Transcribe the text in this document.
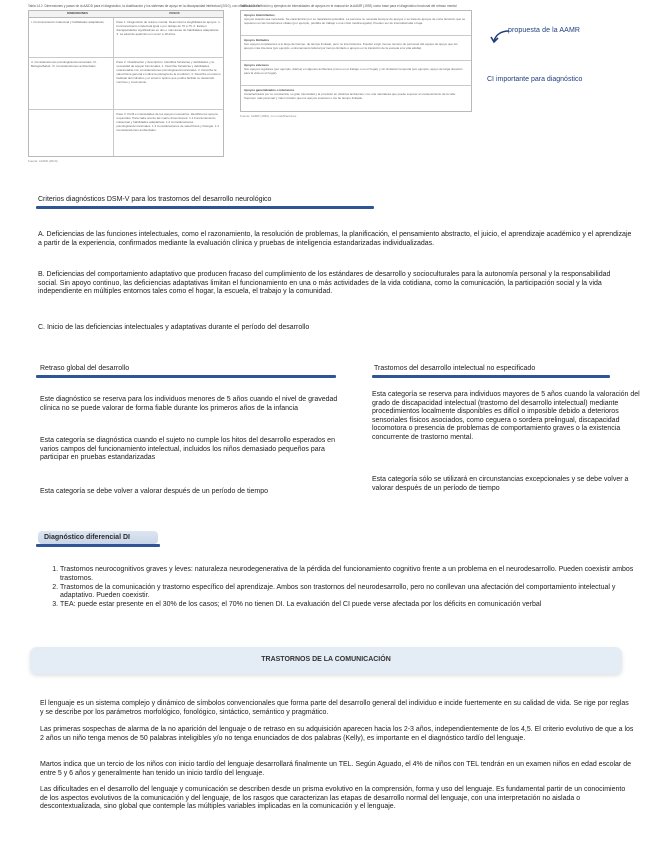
Tabla 14.2. Dimensiones y pasos de la AAIDD para el diagnóstico, la clasificación y los sistemas de apoyo en la discapacidad intelectual (2010), con modificaciones
DIMENSIONES	PASOS
I. Funcionamiento intelectual y habilidades adaptativas	Paso 1. Diagnóstico de retraso mental. Determina la elegibilidad de apoyos. 1. Funcionamiento intelectual igual o por debajo de 70 a 75. 2. Existen discapacidades significativas en dos o más áreas de habilidades adaptativas. 3. La edad de aparición es menor a 18 años.
II. Consideraciones psicológicas/emocionales. III. Biología/Salud. IV. Consideraciones ambientales
Paso 2. Clasificación y descripción. Identifica fortalezas y debilidades y la necesidad de apoyar funcionales. 1. Describe fortalezas y debilidades relacionadas con consideraciones psicológicas/emocionales. 2. Describe la salud física general e indica la etiología de la condición. 3. Describe el entorno habitual del individuo y el entorno óptimo que podría facilitar su desarrollo continuo y crecimiento.
Paso 3. Perfil e intensidades de los apoyos necesarios. Identifica los apoyos requeridos. Para cada una de las cuatro dimensiones: 1.1 Funcionamiento intelectual y habilidades adaptativas. 1.2 Consideraciones psicológicas/emocionales. 1.3 Consideraciones de salud física y biología. 1.4 Consideraciones ambientales.
Fuente: AAIDD (2010).
Tabla 14.3. Definición y ejemplos de intensidades de apoyos en el manual de la AAMR (1992) como base para el diagnóstico funcional del retraso mental
Apoyos intermitentes
Apoyos cuando sea necesario. Se caracterizan por su naturaleza episódica. La persona no necesita siempre de apoyos o se trata de apoyos de corta duración que se requieren en las transiciones vitales (por ejemplo, pérdida de trabajo o una crisis médica aguda). Pueden ser de intensidad alta o baja.
Apoyos limitados
Son apoyos consistentes a lo largo del tiempo, de tiempo limitado, pero no intermitentes. Pueden exigir menos número de personas del equipo de apoyo que los apoyos más intensos (por ejemplo, entrenamiento laboral por tiempo limitado o apoyos en la transición de la escuela a la vida adulta).
Apoyos extensos
Son apoyos regulares (por ejemplo, diarios) en algunos ambientes (como en el trabajo o en el hogar) y sin limitación temporal (por ejemplo, apoyo de larga duración para la vida en el hogar).
Apoyos generalizados o intensivos
Caracterizados por su constancia, su gran intensidad y la provisión en distintos ambientes; con una naturaleza que puede suponer el mantenimiento de la vida. Suponen más personal y más intrusión que los apoyos extensos o los de tiempo limitado.
Fuente: AAMR (1992), con modificaciones.
propuesta de la AAMR
CI importante para diagnóstico
Criterios diagnósticos DSM-V para los trastornos del desarrollo neurológico
A. Deficiencias de las funciones intelectuales, como el razonamiento, la resolución de problemas, la planificación, el pensamiento abstracto, el juicio, el aprendizaje académico y el aprendizaje a partir de la experiencia, confirmados mediante la evaluación clínica y pruebas de inteligencia estandarizadas individualizadas.
B. Deficiencias del comportamiento adaptativo que producen fracaso del cumplimiento de los estándares de desarrollo y socioculturales para la autonomía personal y la responsabilidad social. Sin apoyo continuo, las deficiencias adaptativas limitan el funcionamiento en una o más actividades de la vida cotidiana, como la comunicación, la participación social y la vida independiente en múltiples entornos tales como el hogar, la escuela, el trabajo y la comunidad.
C. Inicio de las deficiencias intelectuales y adaptativas durante el período del desarrollo
Retraso global del desarrollo
Este diagnóstico se reserva para los individuos menores de 5 años cuando el nivel de gravedad clínica no se puede valorar de forma fiable durante los primeros años de la infancia
Esta categoría se diagnóstica cuando el sujeto no cumple los hitos del desarrollo esperados en varios campos del funcionamiento intelectual, incluidos los niños demasiado pequeños para participar en pruebas estandarizadas
Esta categoría se debe volver a valorar después de un período de tiempo
Trastornos del desarrollo intelectual no especificado
Esta categoría se reserva para individuos mayores de 5 años cuando la valoración del grado de discapacidad intelectual (trastorno del desarrollo intelectual) mediante procedimientos localmente disponibles es difícil o imposible debido a deterioros sensoriales físicos asociados, como ceguera o sordera prelingual, discapacidad locomotora o presencia de problemas de comportamiento graves o la existencia concurrente de trastorno mental.
Esta categoría sólo se utilizará en circunstancias excepcionales y se debe volver a valorar después de un período de tiempo
Diagnóstico diferencial DI
1. Trastornos neurocognitivos graves y leves: naturaleza neurodegenerativa de la pérdida del funcionamiento cognitivo frente a un problema en el neurodesarrollo. Pueden coexistir ambos trastornos.
2. Trastornos de la comunicación y trastorno específico del aprendizaje. Ambos son trastornos del neurodesarrollo, pero no conllevan una afectación del comportamiento intelectual y adaptativo. Pueden coexistir.
3. TEA: puede estar presente en el 30% de los casos; el 70% no tienen DI. La evaluación del CI puede verse afectada por los déficits en comunicación verbal
TRASTORNOS DE LA COMUNICACIÓN
El lenguaje es un sistema complejo y dinámico de símbolos convencionales que forma parte del desarrollo general del individuo e incide fuertemente en su calidad de vida. Se rige por reglas y se describe por los parámetros morfológico, fonológico, sintáctico, semántico y pragmático.
Las primeras sospechas de alarma de la no aparición del lenguaje o de retraso en su adquisición aparecen hacia los 2-3 años, independientemente de los 4,5. El criterio evolutivo de que a los 2 años un niño tenga menos de 50 palabras inteligibles y/o no tenga enunciados de dos palabras (Kelly), es importante en el diagnóstico tardío del lenguaje.
Martos indica que un tercio de los niños con inicio tardío del lenguaje desarrollará finalmente un TEL. Según Aguado, el 4% de niños con TEL tendrán en un examen niños en edad escolar de entre 5 y 6 años y generalmente han tenido un inicio tardío del lenguaje.
Las dificultades en el desarrollo del lenguaje y comunicación se describen desde un prisma evolutivo en la comprensión, forma y uso del lenguaje. Es fundamental partir de un conocimiento de los aspectos evolutivos de la comunicación y del lenguaje, de los rasgos que caracterizan las etapas de desarrollo normal del lenguaje, con una interpretación no aislada o descontextualizada, sino global que contemple las múltiples variables implicadas en la comunicación y el lenguaje.
